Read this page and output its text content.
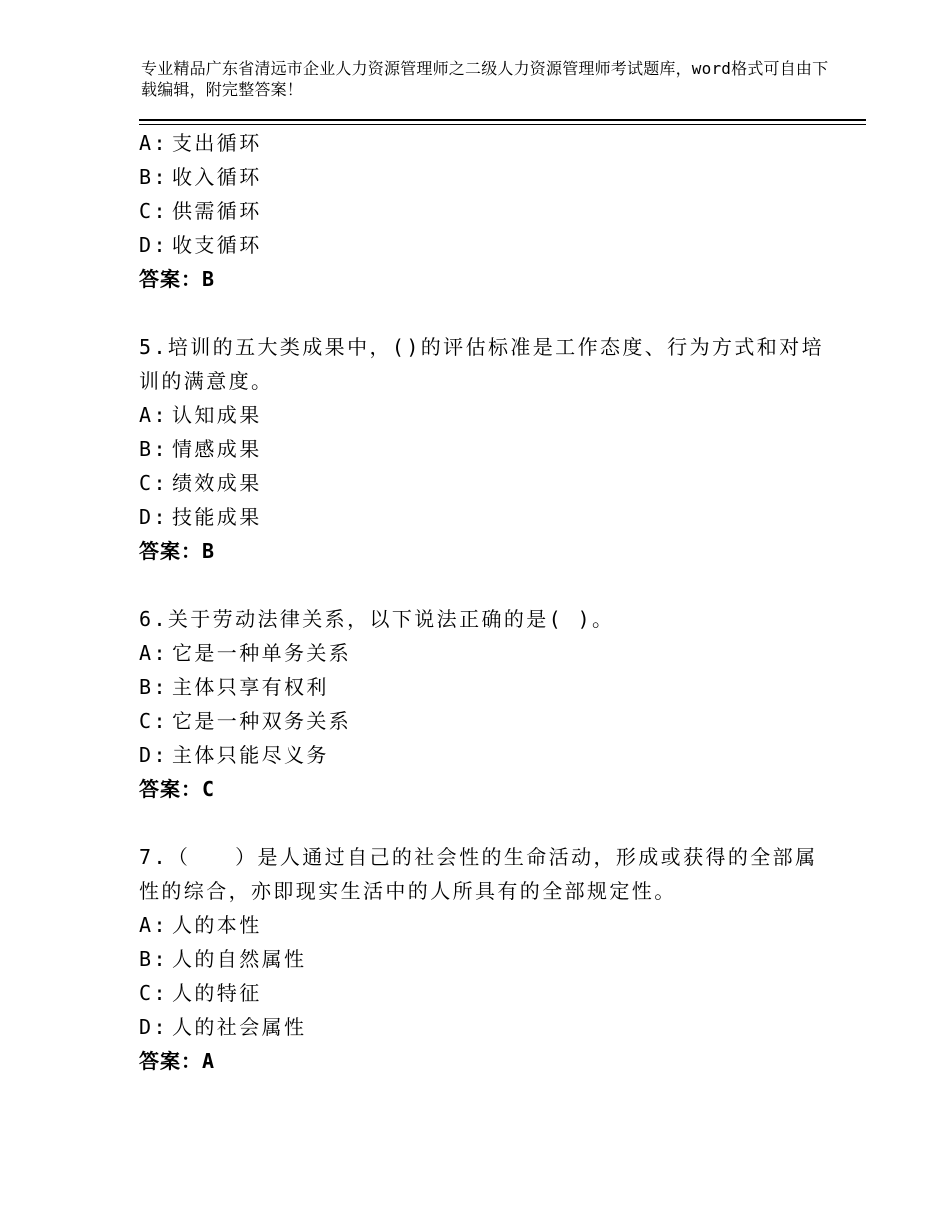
专业精品广东省清远市企业人力资源管理师之二级人力资源管理师考试题库，word格式可自由下载编辑，附完整答案！
A: 支出循环
B: 收入循环
C: 供需循环
D: 收支循环
答案：B
5.培训的五大类成果中，()的评估标准是工作态度、行为方式和对培训的满意度。
A: 认知成果
B: 情感成果
C: 绩效成果
D: 技能成果
答案：B
6.关于劳动法律关系，以下说法正确的是( )。
A: 它是一种单务关系
B: 主体只享有权利
C: 它是一种双务关系
D: 主体只能尽义务
答案：C
7.（　　）是人通过自己的社会性的生命活动，形成或获得的全部属性的综合，亦即现实生活中的人所具有的全部规定性。
A: 人的本性
B: 人的自然属性
C: 人的特征
D: 人的社会属性
答案：A
